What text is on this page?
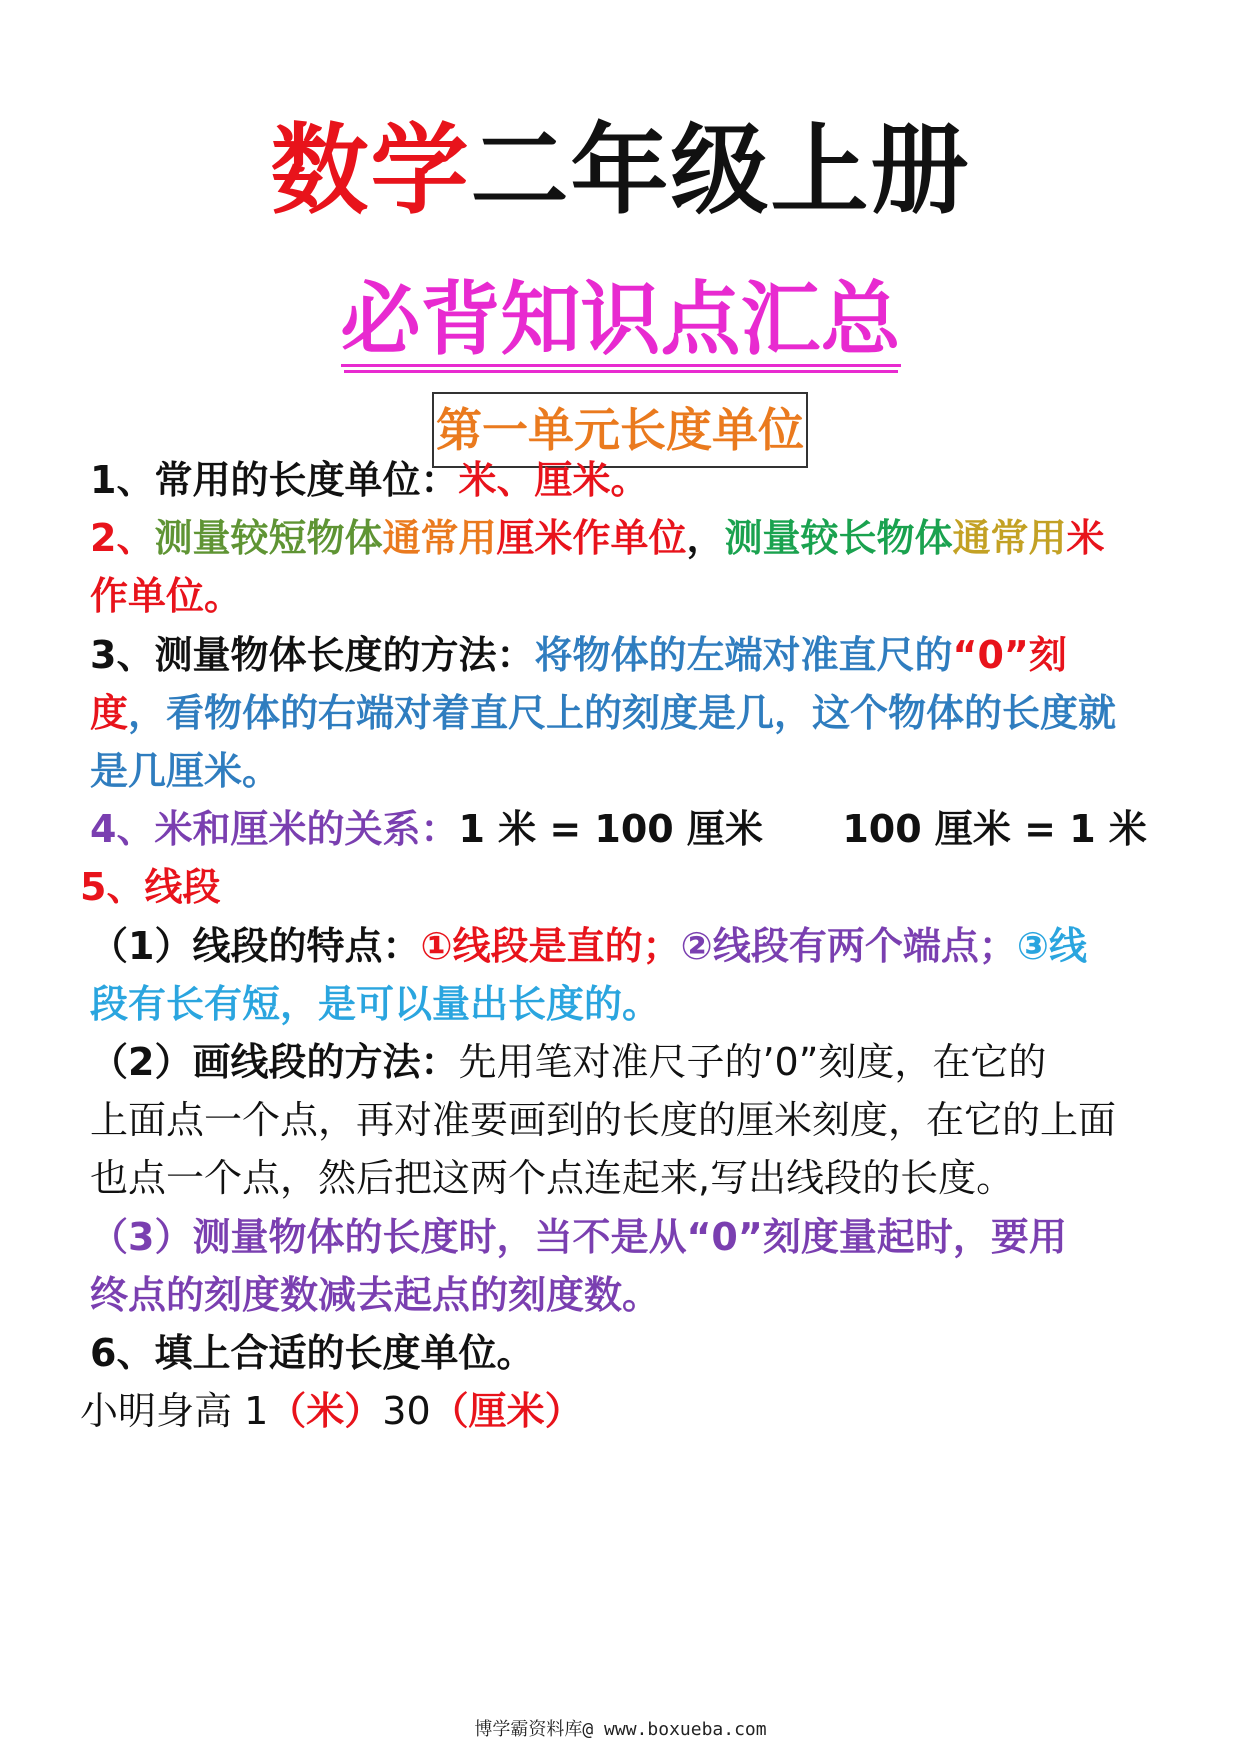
数学二年级上册
必背知识点汇总
第一单元长度单位
1、常用的长度单位：米、厘米。
2、测量较短物体通常用厘米作单位，测量较长物体通常用米
作单位。
3、测量物体长度的方法：将物体的左端对准直尺的“0”刻
度，看物体的右端对着直尺上的刻度是几，这个物体的长度就
是几厘米。
4、米和厘米的关系：1 米 = 100 厘米      100 厘米 = 1 米
5、线段
（1）线段的特点：①线段是直的；②线段有两个端点；③线
段有长有短，是可以量出长度的。
（2）画线段的方法：先用笔对准尺子的’0”刻度，在它的
上面点一个点，再对准要画到的长度的厘米刻度，在它的上面
也点一个点，然后把这两个点连起来,写出线段的长度。
（3）测量物体的长度时，当不是从“0”刻度量起时，要用
终点的刻度数减去起点的刻度数。
6、填上合适的长度单位。
小明身高 1（米）30（厘米）
博学霸资料库@ www.boxueba.com
